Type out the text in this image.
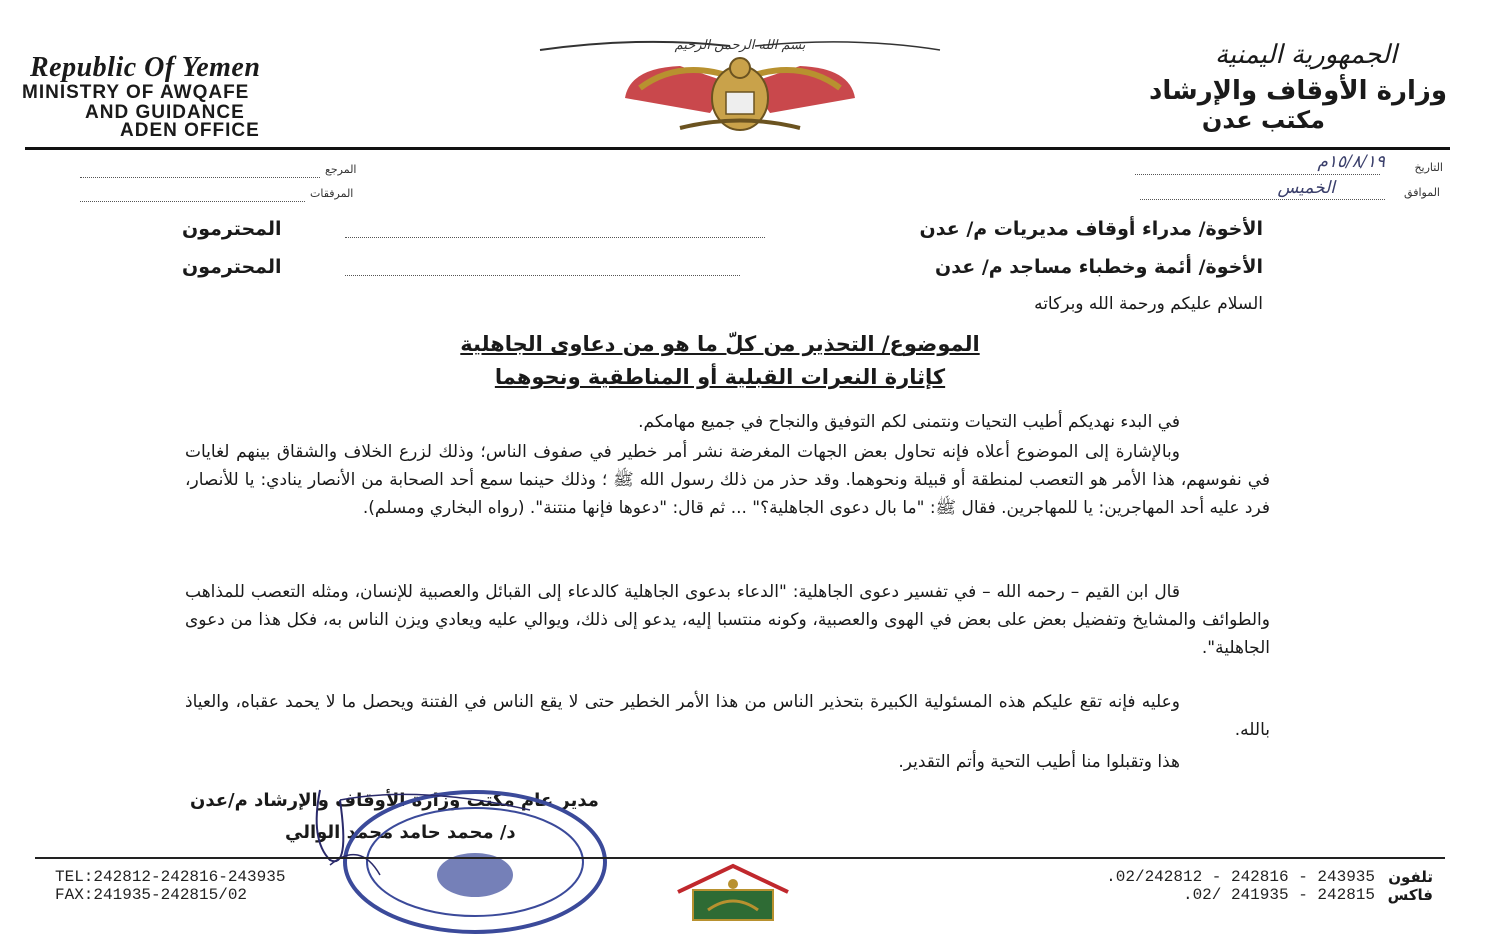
Republic Of Yemen
MINISTRY OF AWQAFE
AND GUIDANCE
ADEN OFFICE
بسم الله الرحمن الرحيم	الجمهورية اليمنية
وزارة الأوقاف والإرشاد
مكتب عدن
المرجع
المرفقات
التاريخ
١٥/٨/١٩م
الموافق
الخميس
الأخوة/ مدراء أوقاف مديريات م/ عدن
المحترمون
الأخوة/ أئمة وخطباء مساجد م/ عدن
المحترمون
السلام عليكم ورحمة الله وبركاته
الموضوع/ التحذير من كلّ ما هو من دعاوى الجاهلية
كإثارة النعرات القبلية أو المناطقية ونحوهما
في البدء نهديكم أطيب التحيات ونتمنى لكم التوفيق والنجاح في جميع مهامكم.
وبالإشارة إلى الموضوع أعلاه فإنه تحاول بعض الجهات المغرضة نشر أمر خطير في صفوف الناس؛ وذلك لزرع الخلاف والشقاق بينهم لغايات في نفوسهم، هذا الأمر هو التعصب لمنطقة أو قبيلة ونحوهما. وقد حذر من ذلك رسول الله ﷺ ؛ وذلك حينما سمع أحد الصحابة من الأنصار ينادي: يا للأنصار، فرد عليه أحد المهاجرين: يا للمهاجرين. فقال ﷺ: "ما بال دعوى الجاهلية؟" ... ثم قال: "دعوها فإنها منتنة". (رواه البخاري ومسلم).
قال ابن القيم – رحمه الله – في تفسير دعوى الجاهلية: "الدعاء بدعوى الجاهلية كالدعاء إلى القبائل والعصبية للإنسان، ومثله التعصب للمذاهب والطوائف والمشايخ وتفضيل بعض على بعض في الهوى والعصبية، وكونه منتسبا إليه، يدعو إلى ذلك، ويوالي عليه ويعادي ويزن الناس به، فكل هذا من دعوى الجاهلية".
وعليه فإنه تقع عليكم هذه المسئولية الكبيرة بتحذير الناس من هذا الأمر الخطير حتى لا يقع الناس في الفتنة ويحصل ما لا يحمد عقباه، والعياذ بالله.
هذا وتقبلوا منا أطيب التحية وأتم التقدير.
مدير عام مكتب وزارة الأوقاف والإرشاد م/عدن
د/ محمد حامد محمد الوالي
TEL:242812-242816-243935
FAX:241935-242815/02
تلفون
.02/242812 - 242816 - 243935
فاكس
.02/ 241935 - 242815
